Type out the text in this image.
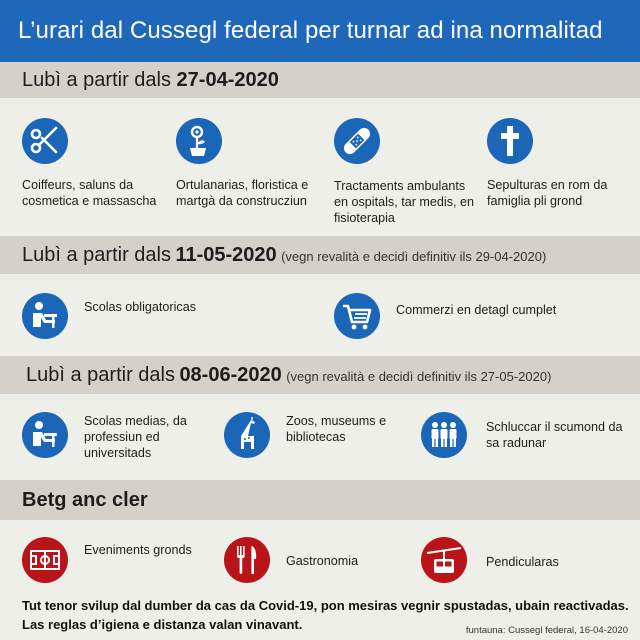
L’urari dal Cussegl federal per turnar ad ina normalitad
Lubì a partir dals 27-04-2020
Coiffeurs, saluns da cosmetica e massascha
Ortulanarias, floristica e martgà da construcziun
Tractaments ambulants en ospitals, tar medis, en fisioterapia
Sepulturas en rom da famiglia pli grond
Lubì a partir dals 11-05-2020 (vegn revalità e decidì definitiv ils 29-04-2020)
Scolas obligatoricas	Commerzi en detagl cumplet
Lubì a partir dals 08-06-2020 (vegn revalità e decidì definitiv ils 27-05-2020)
Scolas medias, da professiun ed universitads
Zoos, museums e bibliotecas
Schluccar il scumond da sa radunar
Betg anc cler
Eveniments gronds
Gastronomia	Pendicularas
Tut tenor svilup dal dumber da cas da Covid-19, pon mesiras vegnir spustadas, ubain reactivadas. Las reglas d’igiena e distanza valan vinavant.	funtauna: Cussegl federal, 16-04-2020
